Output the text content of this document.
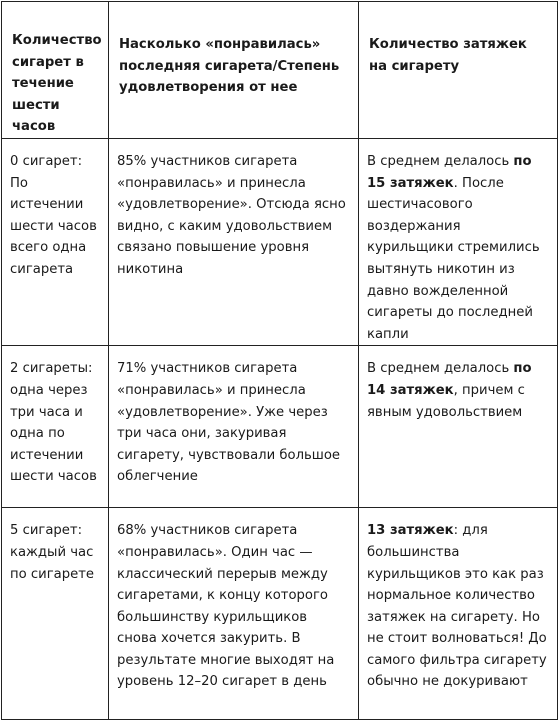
Количество сигарет в течение шести часов	Насколько «понравилась» последняя сигарета/Степень удовлетворения от нее	Количество затяжек на сигарету

0 сигарет: По истечении шести часов всего одна сигарета	85% участников сигарета «понравилась» и принесла «удовлетворение». Отсюда ясно видно, с каким удовольствием связано повышение уровня никотина	В среднем делалось по 15 затяжек. После шестичасового воздержания курильщики стремились вытянуть никотин из давно вожделенной сигареты до последней капли

2 сигареты: одна через три часа и одна по истечении шести часов	71% участников сигарета «понравилась» и принесла «удовлетворение». Уже через три часа они, закуривая сигарету, чувствовали большое облегчение	В среднем делалось по 14 затяжек, причем с явным удовольствием

5 сигарет: каждый час по сигарете	68% участников сигарета «понравилась». Один час — классический перерыв между сигаретами, к концу которого большинству курильщиков снова хочется закурить. В результате многие выходят на уровень 12–20 сигарет в день	13 затяжек: для большинства курильщиков это как раз нормальное количество затяжек на сигарету. Но не стоит волноваться! До самого фильтра сигарету обычно не докуривают
